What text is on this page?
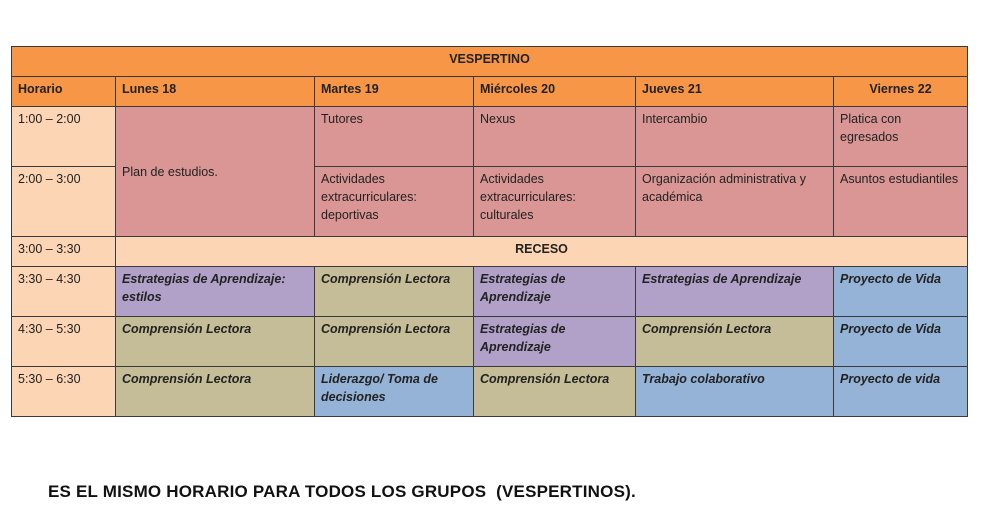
VESPERTINO					
Horario	Lunes 18	Martes 19	Miércoles 20	Jueves 21	Viernes 22
1:00 – 2:00	Plan de estudios.	Tutores	Nexus	Intercambio	Platica con egresados
2:00 – 3:00		Actividades extracurriculares: deportivas	Actividades extracurriculares: culturales	Organización administrativa y académica	Asuntos estudiantiles
3:00 – 3:30	RECESO				
3:30 – 4:30	Estrategias de Aprendizaje: estilos	Comprensión Lectora	Estrategias de Aprendizaje	Estrategias de Aprendizaje	Proyecto de Vida
4:30 – 5:30	Comprensión Lectora	Comprensión Lectora	Estrategias de Aprendizaje	Comprensión Lectora	Proyecto de Vida
5:30 – 6:30	Comprensión Lectora	Liderazgo/ Toma de decisiones	Comprensión Lectora	Trabajo colaborativo	Proyecto de vida
ES EL MISMO HORARIO PARA TODOS LOS GRUPOS  (VESPERTINOS).
